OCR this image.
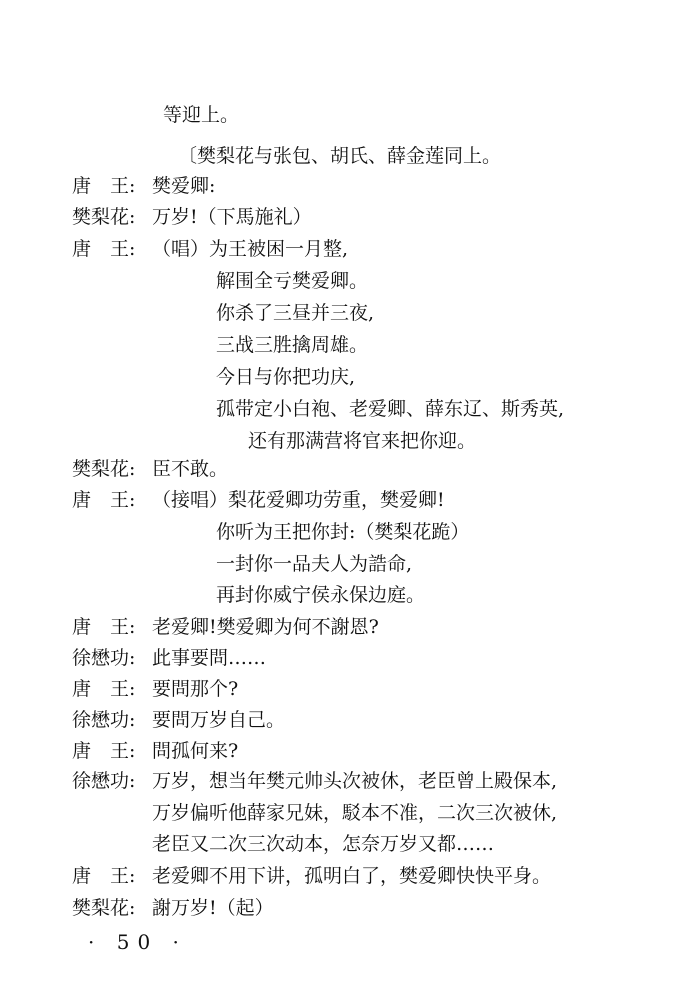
等迎上。
〔樊梨花与张包、胡氏、薛金莲同上。
唐　王: 樊爱卿:
樊梨花: 万岁!（下馬施礼）
唐　王: （唱）为王被困一月整,
解围全亏樊爱卿。
你杀了三昼并三夜,
三战三胜擒周雄。
今日与你把功庆,
孤带定小白袍、老爱卿、薛东辽、斯秀英,
还有那满营将官来把你迎。
樊梨花: 臣不敢。
唐　王: （接唱）梨花爱卿功劳重，樊爱卿!
你听为王把你封:（樊梨花跪）
一封你一品夫人为誥命,
再封你威宁侯永保边庭。
唐　王: 老爱卿!樊爱卿为何不謝恩?
徐懋功: 此事要問……
唐　王: 要問那个?
徐懋功: 要問万岁自己。
唐　王: 問孤何来?
徐懋功: 万岁，想当年樊元帅头次被休，老臣曾上殿保本,
万岁偏听他薛家兄妹，駁本不准，二次三次被休,
老臣又二次三次动本，怎奈万岁又都……
唐　王: 老爱卿不用下讲，孤明白了，樊爱卿快快平身。
樊梨花: 謝万岁!（起）
· 50 ·
